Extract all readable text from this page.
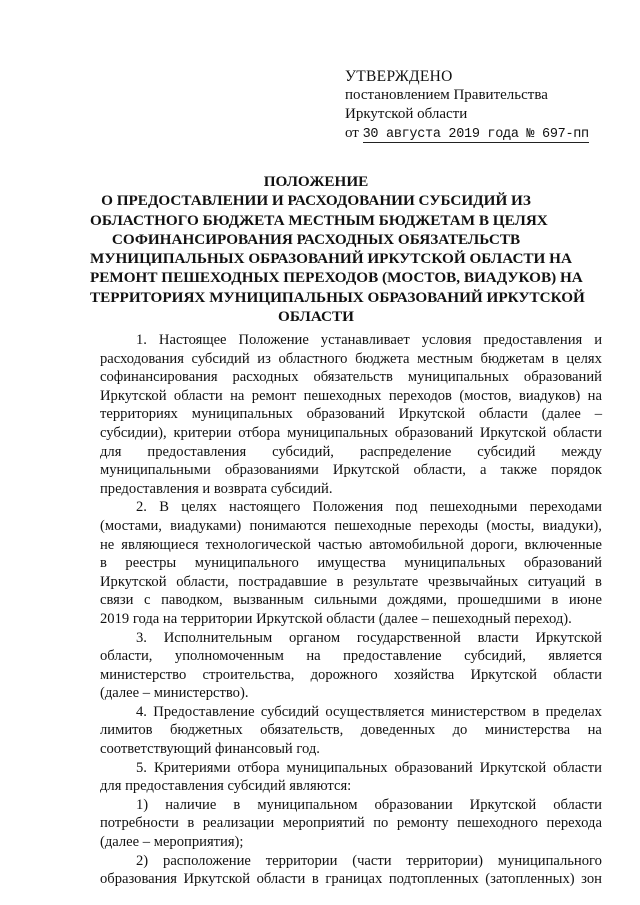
УТВЕРЖДЕНО
постановлением Правительства
Иркутской области
от 30 августа 2019 года № 697-пп
ПОЛОЖЕНИЕ
О ПРЕДОСТАВЛЕНИИ И РАСХОДОВАНИИ СУБСИДИЙ ИЗ
ОБЛАСТНОГО БЮДЖЕТА МЕСТНЫМ БЮДЖЕТАМ В ЦЕЛЯХ
СОФИНАНСИРОВАНИЯ РАСХОДНЫХ ОБЯЗАТЕЛЬСТВ
МУНИЦИПАЛЬНЫХ ОБРАЗОВАНИЙ ИРКУТСКОЙ ОБЛАСТИ НА
РЕМОНТ ПЕШЕХОДНЫХ ПЕРЕХОДОВ (МОСТОВ, ВИАДУКОВ) НА
ТЕРРИТОРИЯХ МУНИЦИПАЛЬНЫХ ОБРАЗОВАНИЙ ИРКУТСКОЙ
ОБЛАСТИ
1. Настоящее Положение устанавливает условия предоставления и
расходования субсидий из областного бюджета местным бюджетам в целях
софинансирования расходных обязательств муниципальных образований
Иркутской области на ремонт пешеходных переходов (мостов, виадуков) на
территориях муниципальных образований Иркутской области (далее –
субсидии), критерии отбора муниципальных образований Иркутской области
для предоставления субсидий, распределение субсидий между
муниципальными образованиями Иркутской области, а также порядок
предоставления и возврата субсидий.
2. В целях настоящего Положения под пешеходными переходами
(мостами, виадуками) понимаются пешеходные переходы (мосты, виадуки),
не являющиеся технологической частью автомобильной дороги, включенные
в реестры муниципального имущества муниципальных образований
Иркутской области, пострадавшие в результате чрезвычайных ситуаций в
связи с паводком, вызванным сильными дождями, прошедшими в июне
2019 года на территории Иркутской области (далее – пешеходный переход).
3. Исполнительным органом государственной власти Иркутской
области, уполномоченным на предоставление субсидий, является
министерство строительства, дорожного хозяйства Иркутской области
(далее – министерство).
4. Предоставление субсидий осуществляется министерством в пределах
лимитов бюджетных обязательств, доведенных до министерства на
соответствующий финансовый год.
5. Критериями отбора муниципальных образований Иркутской области
для предоставления субсидий являются:
1) наличие в муниципальном образовании Иркутской области
потребности в реализации мероприятий по ремонту пешеходного перехода
(далее – мероприятия);
2) расположение территории (части территории) муниципального
образования Иркутской области в границах подтопленных (затопленных) зон
